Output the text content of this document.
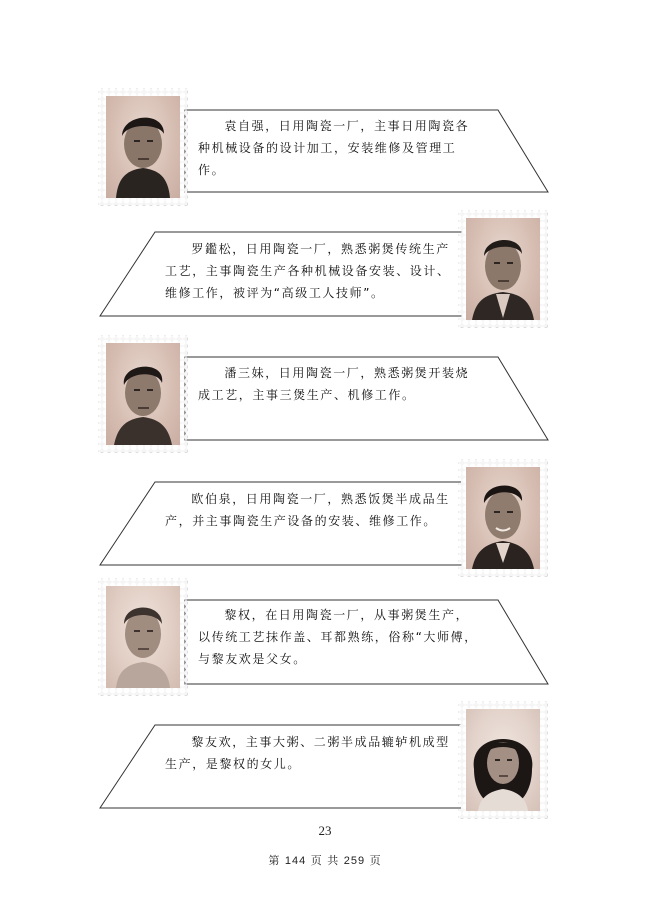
袁自强，日用陶瓷一厂，主事日用陶瓷各种机械设备的设计加工，安装维修及管理工作。
罗鑑松，日用陶瓷一厂，熟悉粥煲传统生产工艺，主事陶瓷生产各种机械设备安装、设计、维修工作，被评为“高级工人技师”。
潘三妹，日用陶瓷一厂，熟悉粥煲开装烧成工艺，主事三煲生产、机修工作。
欧伯泉，日用陶瓷一厂，熟悉饭煲半成品生产，并主事陶瓷生产设备的安装、维修工作。
黎权，在日用陶瓷一厂，从事粥煲生产，以传统工艺抹作盖、耳都熟练，俗称“大师傅，与黎友欢是父女。
黎友欢，主事大粥、二粥半成品辘轳机成型生产，是黎权的女儿。
23
第 144 页 共 259 页
